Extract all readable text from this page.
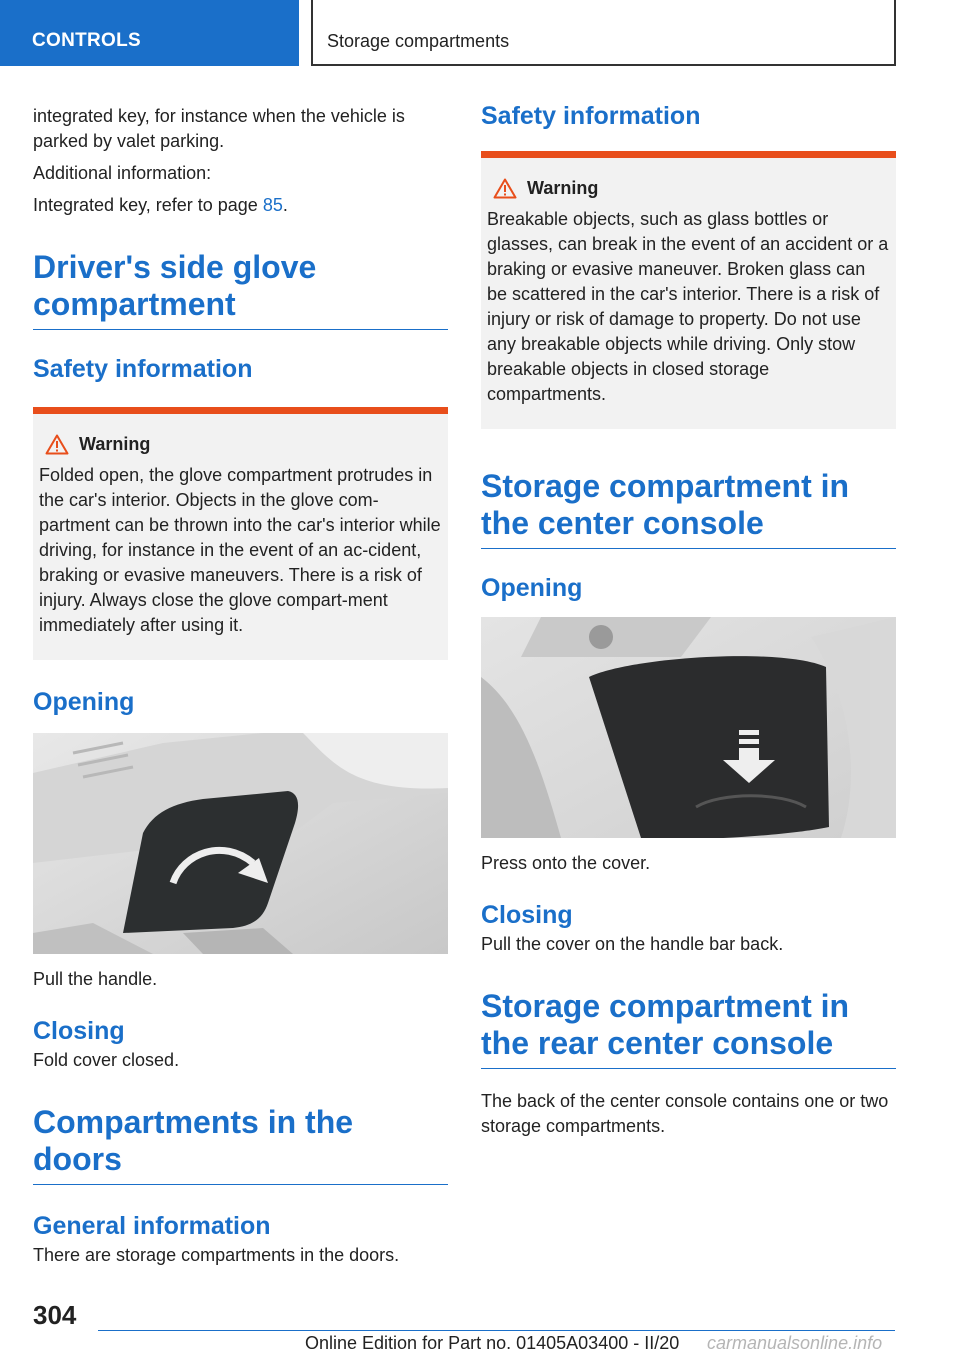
CONTROLS	Storage compartments

integrated key, for instance when the vehicle is parked by valet parking.

Additional information:

Integrated key, refer to page 85.

Driver's side glove compartment
Safety information
Warning

Folded open, the glove compartment protrudes in the car's interior. Objects in the glove com-partment can be thrown into the car's interior while driving, for instance in the event of an ac-cident, braking or evasive maneuvers. There is a risk of injury. Always close the glove compart-ment immediately after using it.

Opening

Pull the handle.

Closing

Fold cover closed.

Compartments in the doors
General information

There are storage compartments in the doors.

Safety information
Warning

Breakable objects, such as glass bottles or glasses, can break in the event of an accident or a braking or evasive maneuver. Broken glass can be scattered in the car's interior. There is a risk of injury or risk of damage to property. Do not use any breakable objects while driving. Only stow breakable objects in closed storage compartments.

Storage compartment in the center console
Opening

Press onto the cover.

Closing

Pull the cover on the handle bar back.

Storage compartment in the rear center console

The back of the center console contains one or two storage compartments.

304
Online Edition for Part no. 01405A03400 - II/20 carmanualsonline.info
